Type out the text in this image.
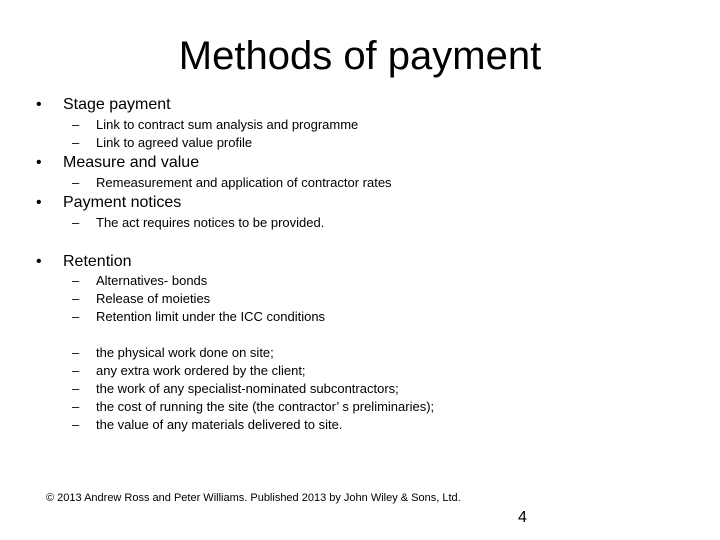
Methods of payment
• Stage payment
– Link to contract sum analysis and programme
– Link to agreed value profile
• Measure and value
– Remeasurement and application of contractor rates
• Payment notices
– The act requires notices to be provided.
• Retention
– Alternatives- bonds
– Release of moieties
– Retention limit under the ICC conditions
– the physical work done on site;
– any extra work ordered by the client;
– the work of any specialist-nominated subcontractors;
– the cost of running the site (the contractor’ s preliminaries);
– the value of any materials delivered to site.
© 2013 Andrew Ross and Peter Williams. Published 2013 by John Wiley & Sons, Ltd.
4
